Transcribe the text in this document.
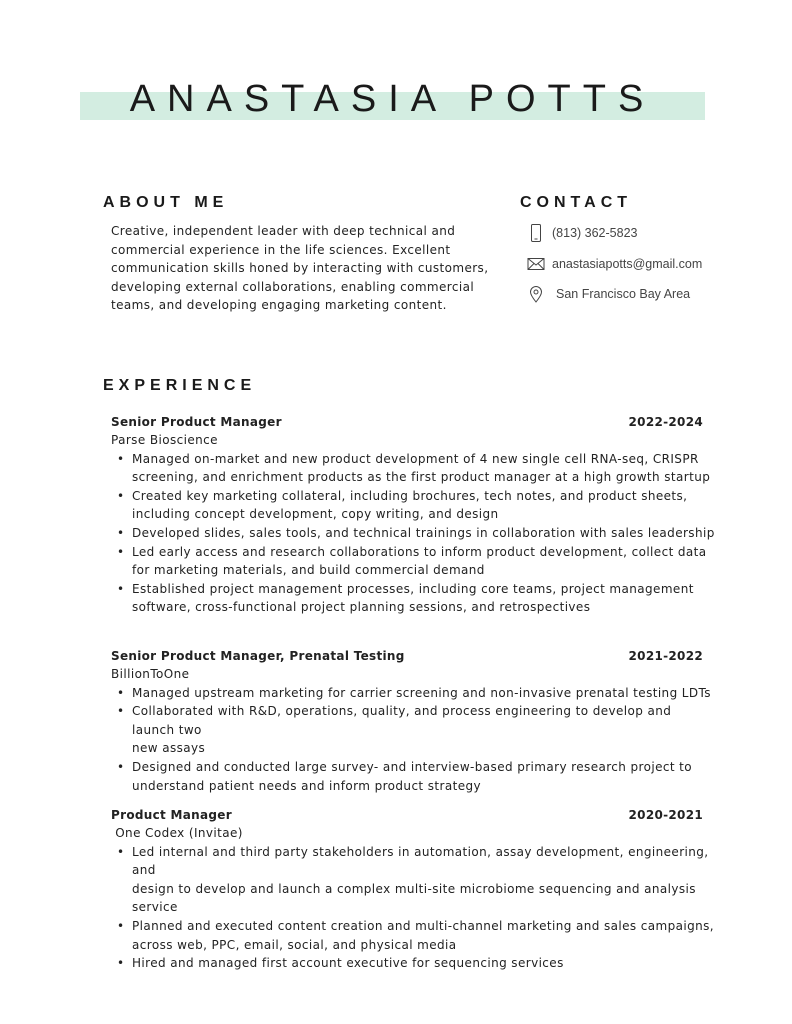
ANASTASIA POTTS
ABOUT ME
Creative, independent leader with deep technical and
commercial experience in the life sciences. Excellent
communication skills honed by interacting with customers,
developing external collaborations, enabling commercial
teams, and developing engaging marketing content.
CONTACT
(813) 362-5823
anastasiapotts@gmail.com
San Francisco Bay Area
EXPERIENCE
Senior Product Manager	2022-2024
Parse Bioscience
• Managed on-market and new product development of 4 new single cell RNA-seq, CRISPR
screening, and enrichment products as the first product manager at a high growth startup
• Created key marketing collateral, including brochures, tech notes, and product sheets,
including concept development, copy writing, and design
• Developed slides, sales tools, and technical trainings in collaboration with sales leadership
• Led early access and research collaborations to inform product development, collect data
for marketing materials, and build commercial demand
• Established project management processes, including core teams, project management
software, cross-functional project planning sessions, and retrospectives
Senior Product Manager, Prenatal Testing	2021-2022
BillionToOne
• Managed upstream marketing for carrier screening and non-invasive prenatal testing LDTs
• Collaborated with R&D, operations, quality, and process engineering to develop and launch two
new assays
• Designed and conducted large survey- and interview-based primary research project to
understand patient needs and inform product strategy
Product Manager	2020-2021
One Codex (Invitae)
• Led internal and third party stakeholders in automation, assay development, engineering, and
design to develop and launch a complex multi-site microbiome sequencing and analysis
service
• Planned and executed content creation and multi-channel marketing and sales campaigns,
across web, PPC, email, social, and physical media
• Hired and managed first account executive for sequencing services
